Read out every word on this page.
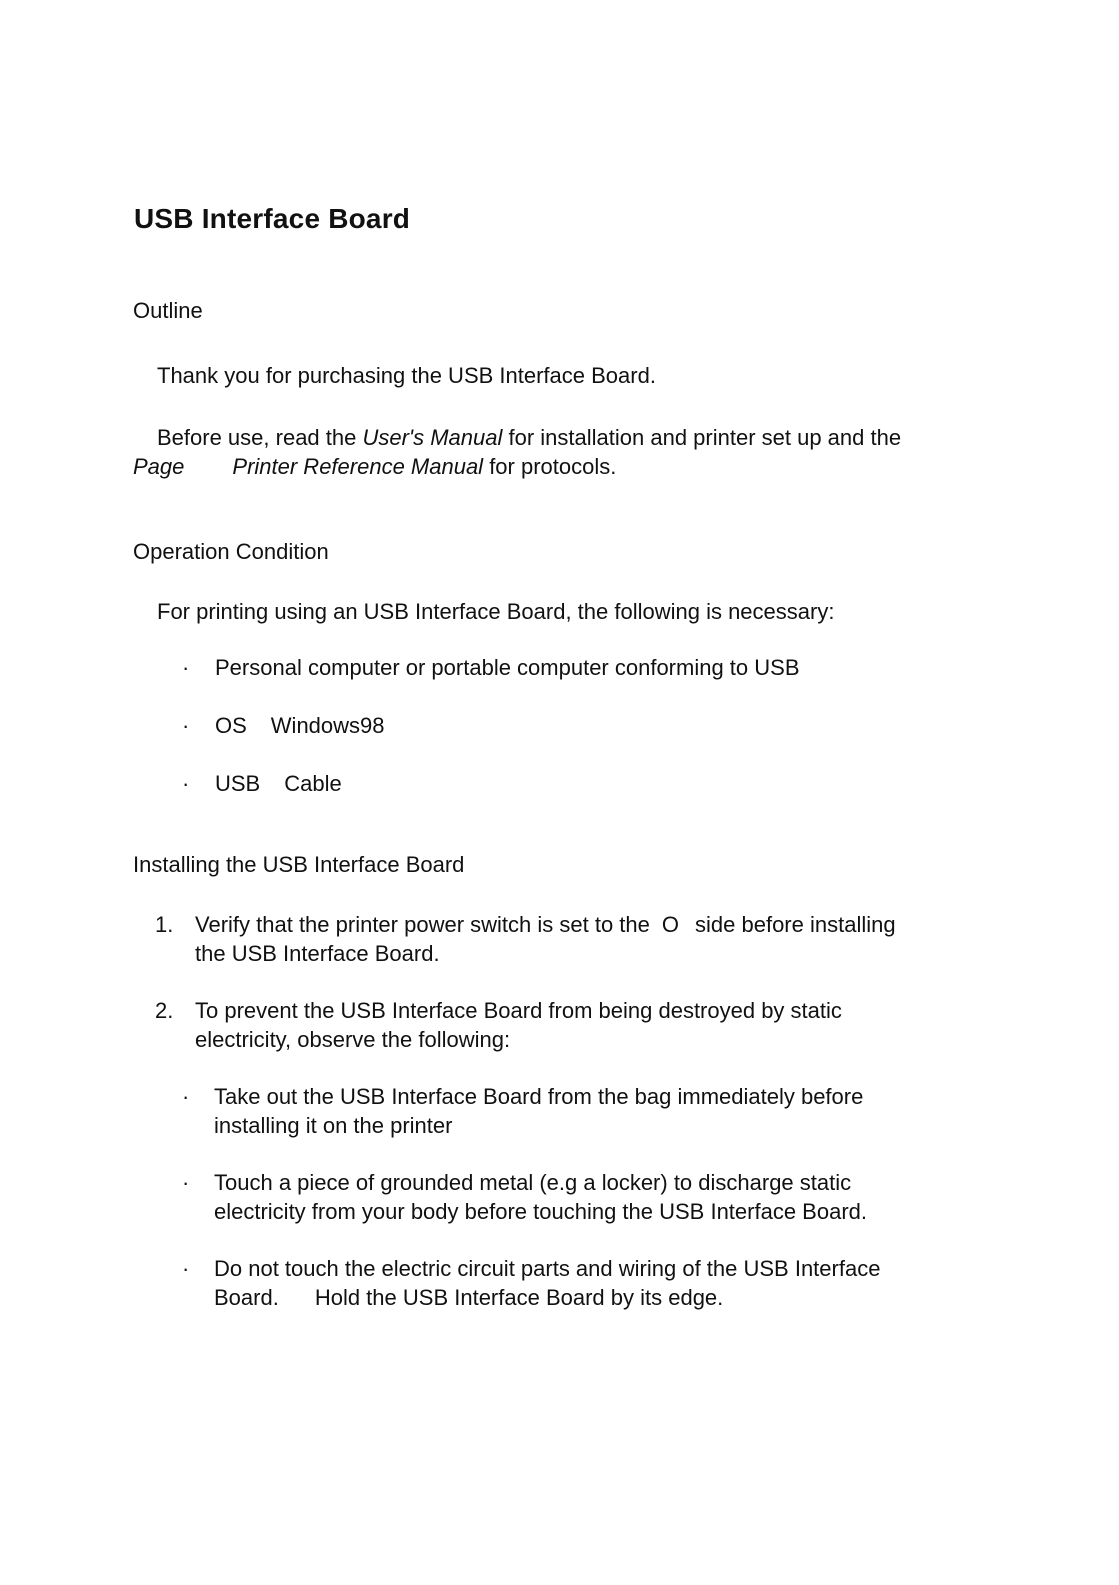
USB Interface Board
Outline

Thank you for purchasing the USB Interface Board.

Before use, read the User's Manual for installation and printer set up and the
Page Printer Reference Manual for protocols.
Operation Condition

For printing using an USB Interface Board, the following is necessary:

·	Personal computer or portable computer conforming to USB
·	OS Windows98
·	USB Cable
Installing the USB Interface Board
1. Verify that the printer power switch is set to the O side before installing
the USB Interface Board.
2. To prevent the USB Interface Board from being destroyed by static
electricity, observe the following:
·	Take out the USB Interface Board from the bag immediately before
installing it on the printer
·	Touch a piece of grounded metal (e.g a locker) to discharge static
electricity from your body before touching the USB Interface Board.
·	Do not touch the electric circuit parts and wiring of the USB Interface
Board. Hold the USB Interface Board by its edge.
